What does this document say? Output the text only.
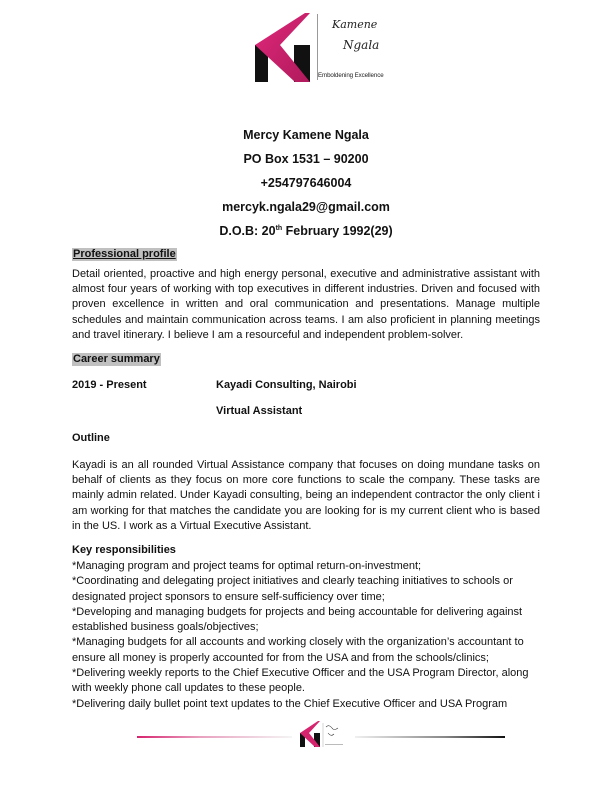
Kamene
Ngala
Emboldening Excellence
Mercy Kamene Ngala
PO Box 1531 – 90200
+254797646004
mercyk.ngala29@gmail.com
D.O.B: 20th February 1992(29)
Professional profile
Detail oriented, proactive and high energy personal, executive and administrative assistant with almost four years of working with top executives in different industries. Driven and focused with proven excellence in written and oral communication and presentations. Manage multiple schedules and maintain communication across teams. I am also proficient in planning meetings and travel itinerary. I believe I am a resourceful and independent problem-solver.
Career summary
2019 - Present	Kayadi Consulting, Nairobi
Virtual Assistant
Outline
Kayadi is an all rounded Virtual Assistance company that focuses on doing mundane tasks on behalf of clients as they focus on more core functions to scale the company. These tasks are mainly admin related. Under Kayadi consulting, being an independent contractor the only client i am working for that matches the candidate you are looking for is my current client who is based in the US. I work as a Virtual Executive Assistant.
Key responsibilities
*Managing program and project teams for optimal return-on-investment;
*Coordinating and delegating project initiatives and clearly teaching initiatives to schools or designated project sponsors to ensure self-sufficiency over time;
*Developing and managing budgets for projects and being accountable for delivering against established business goals/objectives;
*Managing budgets for all accounts and working closely with the organization’s accountant to ensure all money is properly accounted for from the USA and from the schools/clinics;
*Delivering weekly reports to the Chief Executive Officer and the USA Program Director, along with weekly phone call updates to these people.
*Delivering daily bullet point text updates to the Chief Executive Officer and USA Program
